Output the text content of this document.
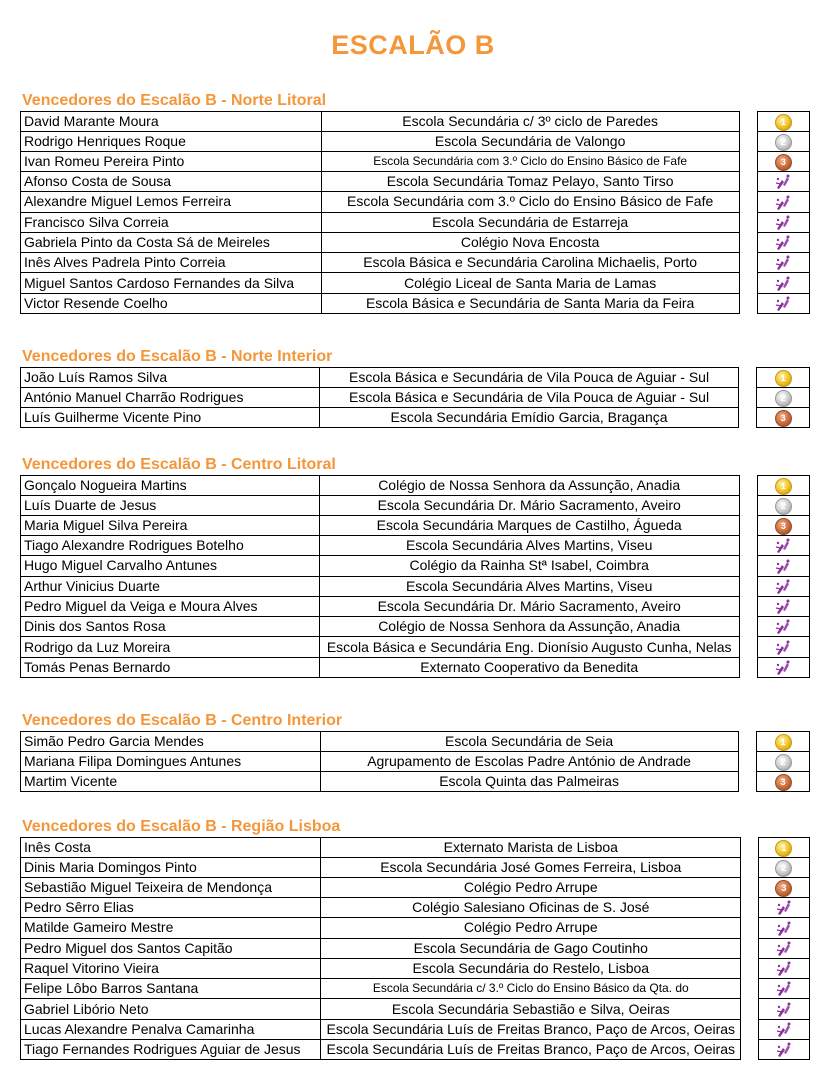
ESCALÃO B
Vencedores do Escalão B - Norte Litoral
David Marante Moura	Escola Secundária c/ 3º ciclo de Paredes		1
Rodrigo Henriques Roque	Escola Secundária de Valongo		2
Ivan Romeu Pereira Pinto	Escola Secundária com 3.º Ciclo do Ensino Básico de Fafe		3
Afonso Costa de Sousa	Escola Secundária Tomaz Pelayo, Santo Tirso		
Alexandre Miguel Lemos Ferreira	Escola Secundária com 3.º Ciclo do Ensino Básico de Fafe		
Francisco Silva Correia	Escola Secundária de Estarreja		
Gabriela Pinto da Costa Sá de Meireles	Colégio Nova Encosta		
Inês Alves Padrela Pinto Correia	Escola Básica e Secundária Carolina Michaelis, Porto		
Miguel Santos Cardoso Fernandes da Silva	Colégio Liceal de Santa Maria de Lamas		
Victor Resende Coelho	Escola Básica e Secundária de Santa Maria da Feira		
Vencedores do Escalão B - Norte Interior
João Luís Ramos Silva	Escola Básica e Secundária de Vila Pouca de Aguiar - Sul		1
António Manuel Charrão Rodrigues	Escola Básica e Secundária de Vila Pouca de Aguiar - Sul		2
Luís Guilherme Vicente Pino	Escola Secundária Emídio Garcia, Bragança		3
Vencedores do Escalão B - Centro Litoral
Gonçalo Nogueira Martins	Colégio de Nossa Senhora da Assunção, Anadia		1
Luís Duarte de Jesus	Escola Secundária Dr. Mário Sacramento, Aveiro		2
Maria Miguel Silva Pereira	Escola Secundária Marques de Castilho, Águeda		3
Tiago Alexandre Rodrigues Botelho	Escola Secundária Alves Martins, Viseu		
Hugo Miguel Carvalho Antunes	Colégio da Rainha Stª Isabel, Coimbra		
Arthur Vinicius Duarte	Escola Secundária Alves Martins, Viseu		
Pedro Miguel da Veiga e Moura Alves	Escola Secundária Dr. Mário Sacramento, Aveiro		
Dinis dos Santos Rosa	Colégio de Nossa Senhora da Assunção, Anadia		
Rodrigo da Luz Moreira	Escola Básica e Secundária Eng. Dionísio Augusto Cunha, Nelas		
Tomás Penas Bernardo	Externato Cooperativo da Benedita		
Vencedores do Escalão B - Centro Interior
Simão Pedro Garcia Mendes	Escola Secundária de Seia		1
Mariana Filipa Domingues Antunes	Agrupamento de Escolas Padre António de Andrade		2
Martim Vicente	Escola Quinta das Palmeiras		3
Vencedores do Escalão B - Região Lisboa
Inês Costa	Externato Marista de Lisboa		1
Dinis Maria Domingos Pinto	Escola Secundária José Gomes Ferreira, Lisboa		2
Sebastião Miguel Teixeira de Mendonça	Colégio Pedro Arrupe		3
Pedro Sêrro Elias	Colégio Salesiano Oficinas de S. José		
Matilde Gameiro Mestre	Colégio Pedro Arrupe		
Pedro Miguel dos Santos Capitão	Escola Secundária de Gago Coutinho		
Raquel Vitorino Vieira	Escola Secundária do Restelo, Lisboa		
Felipe Lôbo Barros Santana	Escola Secundária c/ 3.º Ciclo do Ensino Básico da Qta. do		
Gabriel Libório Neto	Escola Secundária Sebastião e Silva, Oeiras		
Lucas Alexandre Penalva Camarinha	Escola Secundária Luís de Freitas Branco, Paço de Arcos, Oeiras		
Tiago Fernandes Rodrigues Aguiar de Jesus	Escola Secundária Luís de Freitas Branco, Paço de Arcos, Oeiras		
